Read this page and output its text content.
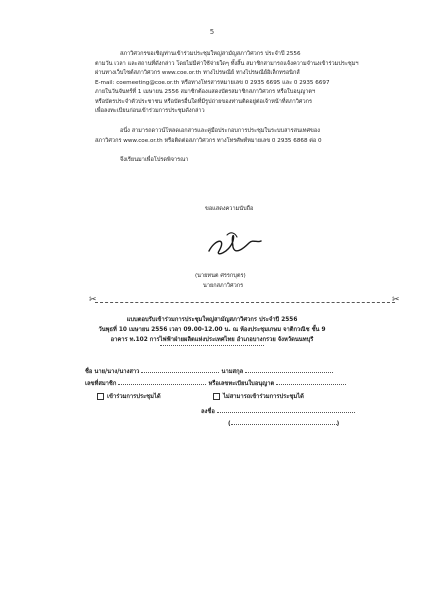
5

สภาวิศวกรขอเชิญท่านเข้าร่วมประชุมใหญ่สามัญสภาวิศวกร ประจำปี 2556

ตามวัน เวลา และสถานที่ดังกล่าว โดยไม่มีค่าใช้จ่ายใดๆ ทั้งสิ้น สมาชิกสามารถแจ้งความจำนงเข้าร่วมประชุมฯ

ผ่านทางเว็บไซต์สภาวิศวกร www.coe.or.th ทางไปรษณีย์ ทางไปรษณีย์อิเล็กทรอนิกส์

E-mail: coemeeting@coe.or.th หรือทางโทรสารหมายเลข 0 2935 6695 และ 0 2935 6697

ภายในวันจันทร์ที่ 1 เมษายน 2556 สมาชิกต้องแสดงบัตรสมาชิกสภาวิศวกร หรือใบอนุญาตฯ

หรือบัตรประจำตัวประชาชน หรือบัตรอื่นใดที่มีรูปถ่ายของท่านติดอยู่ต่อเจ้าหน้าที่สภาวิศวกร

เพื่อลงทะเบียนก่อนเข้าร่วมการประชุมดังกล่าว

อนึ่ง สามารถดาวน์โหลดเอกสารและคู่มือประกอบการประชุมในระบบสารสนเทศของ

สภาวิศวกร www.coe.or.th หรือติดต่อสภาวิศวกร ทางโทรศัพท์หมายเลข 0 2935 6868 ต่อ 0

จึงเรียนมาเพื่อโปรดพิจารณา

ขอแสดงความนับถือ

(นายทนต ศรรกบุตร)

นายกสภาวิศวกร

✂	✂

แบบตอบรับเข้าร่วมการประชุมใหญ่สามัญสภาวิศวกร ประจำปี 2556

วันพุธที่ 10 เมษายน 2556 เวลา 09.00-12.00 น. ณ ห้องประชุมเกษม จาติกวณิช ชั้น 9

อาคาร ท.102 การไฟฟ้าฝ่ายผลิตแห่งประเทศไทย อำเภอบางกรวย จังหวัดนนทบุรี

ชื่อ นาย/นาง/นางสาว	นามสกุล
เลขที่สมาชิก	หรือเลขทะเบียนใบอนุญาต
เข้าร่วมการประชุมได้	ไม่สามารถเข้าร่วมการประชุมได้
ลงชื่อ
(	)
